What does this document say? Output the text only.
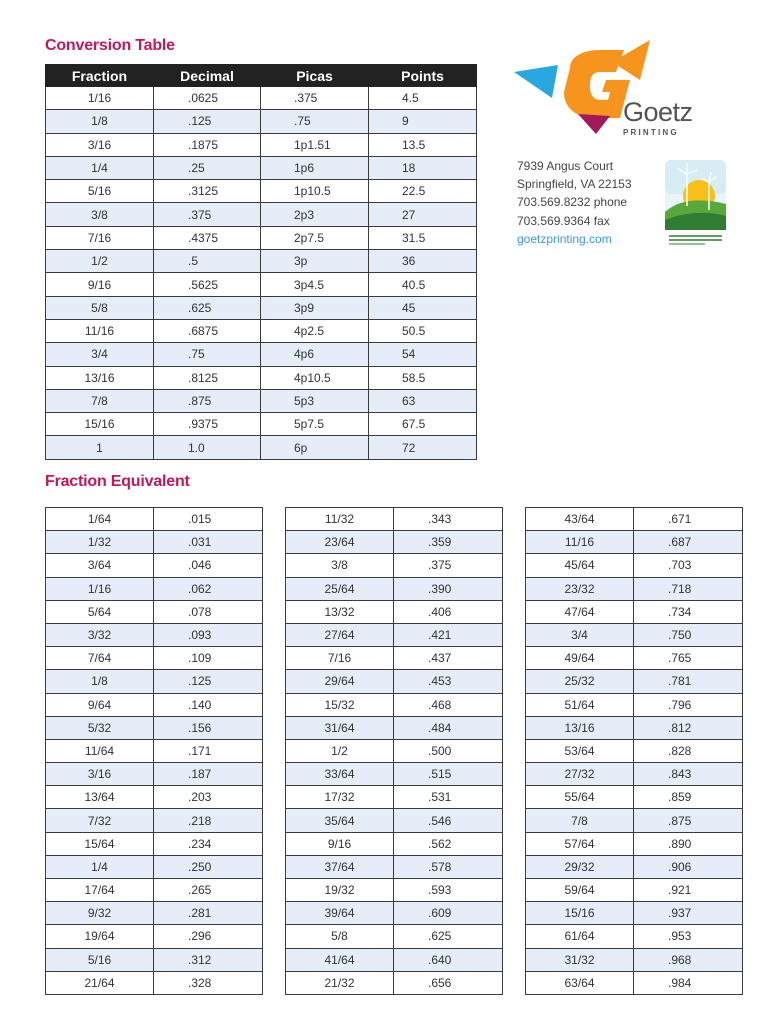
Conversion Table
Fraction	Decimal	Picas	Points
1/16	.0625	.375	4.5
1/8	.125	.75	9
3/16	.1875	1p1.51	13.5
1/4	.25	1p6	18
5/16	.3125	1p10.5	22.5
3/8	.375	2p3	27
7/16	.4375	2p7.5	31.5
1/2	.5	3p	36
9/16	.5625	3p4.5	40.5
5/8	.625	3p9	45
11/16	.6875	4p2.5	50.5
3/4	.75	4p6	54
13/16	.8125	4p10.5	58.5
7/8	.875	5p3	63
15/16	.9375	5p7.5	67.5
1	1.0	6p	72
Fraction Equivalent
1/64	.015
1/32	.031
3/64	.046
1/16	.062
5/64	.078
3/32	.093
7/64	.109
1/8	.125
9/64	.140
5/32	.156
11/64	.171
3/16	.187
13/64	.203
7/32	.218
15/64	.234
1/4	.250
17/64	.265
9/32	.281
19/64	.296
5/16	.312
21/64	.328
11/32	.343
23/64	.359
3/8	.375
25/64	.390
13/32	.406
27/64	.421
7/16	.437
29/64	.453
15/32	.468
31/64	.484
1/2	.500
33/64	.515
17/32	.531
35/64	.546
9/16	.562
37/64	.578
19/32	.593
39/64	.609
5/8	.625
41/64	.640
21/32	.656
43/64	.671
11/16	.687
45/64	.703
23/32	.718
47/64	.734
3/4	.750
49/64	.765
25/32	.781
51/64	.796
13/16	.812
53/64	.828
27/32	.843
55/64	.859
7/8	.875
57/64	.890
29/32	.906
59/64	.921
15/16	.937
61/64	.953
31/32	.968
63/64	.984
Goetz
PRINTING
7939 Angus Court
Springfield, VA 22153
703.569.8232 phone
703.569.9364 fax
goetzprinting.com
